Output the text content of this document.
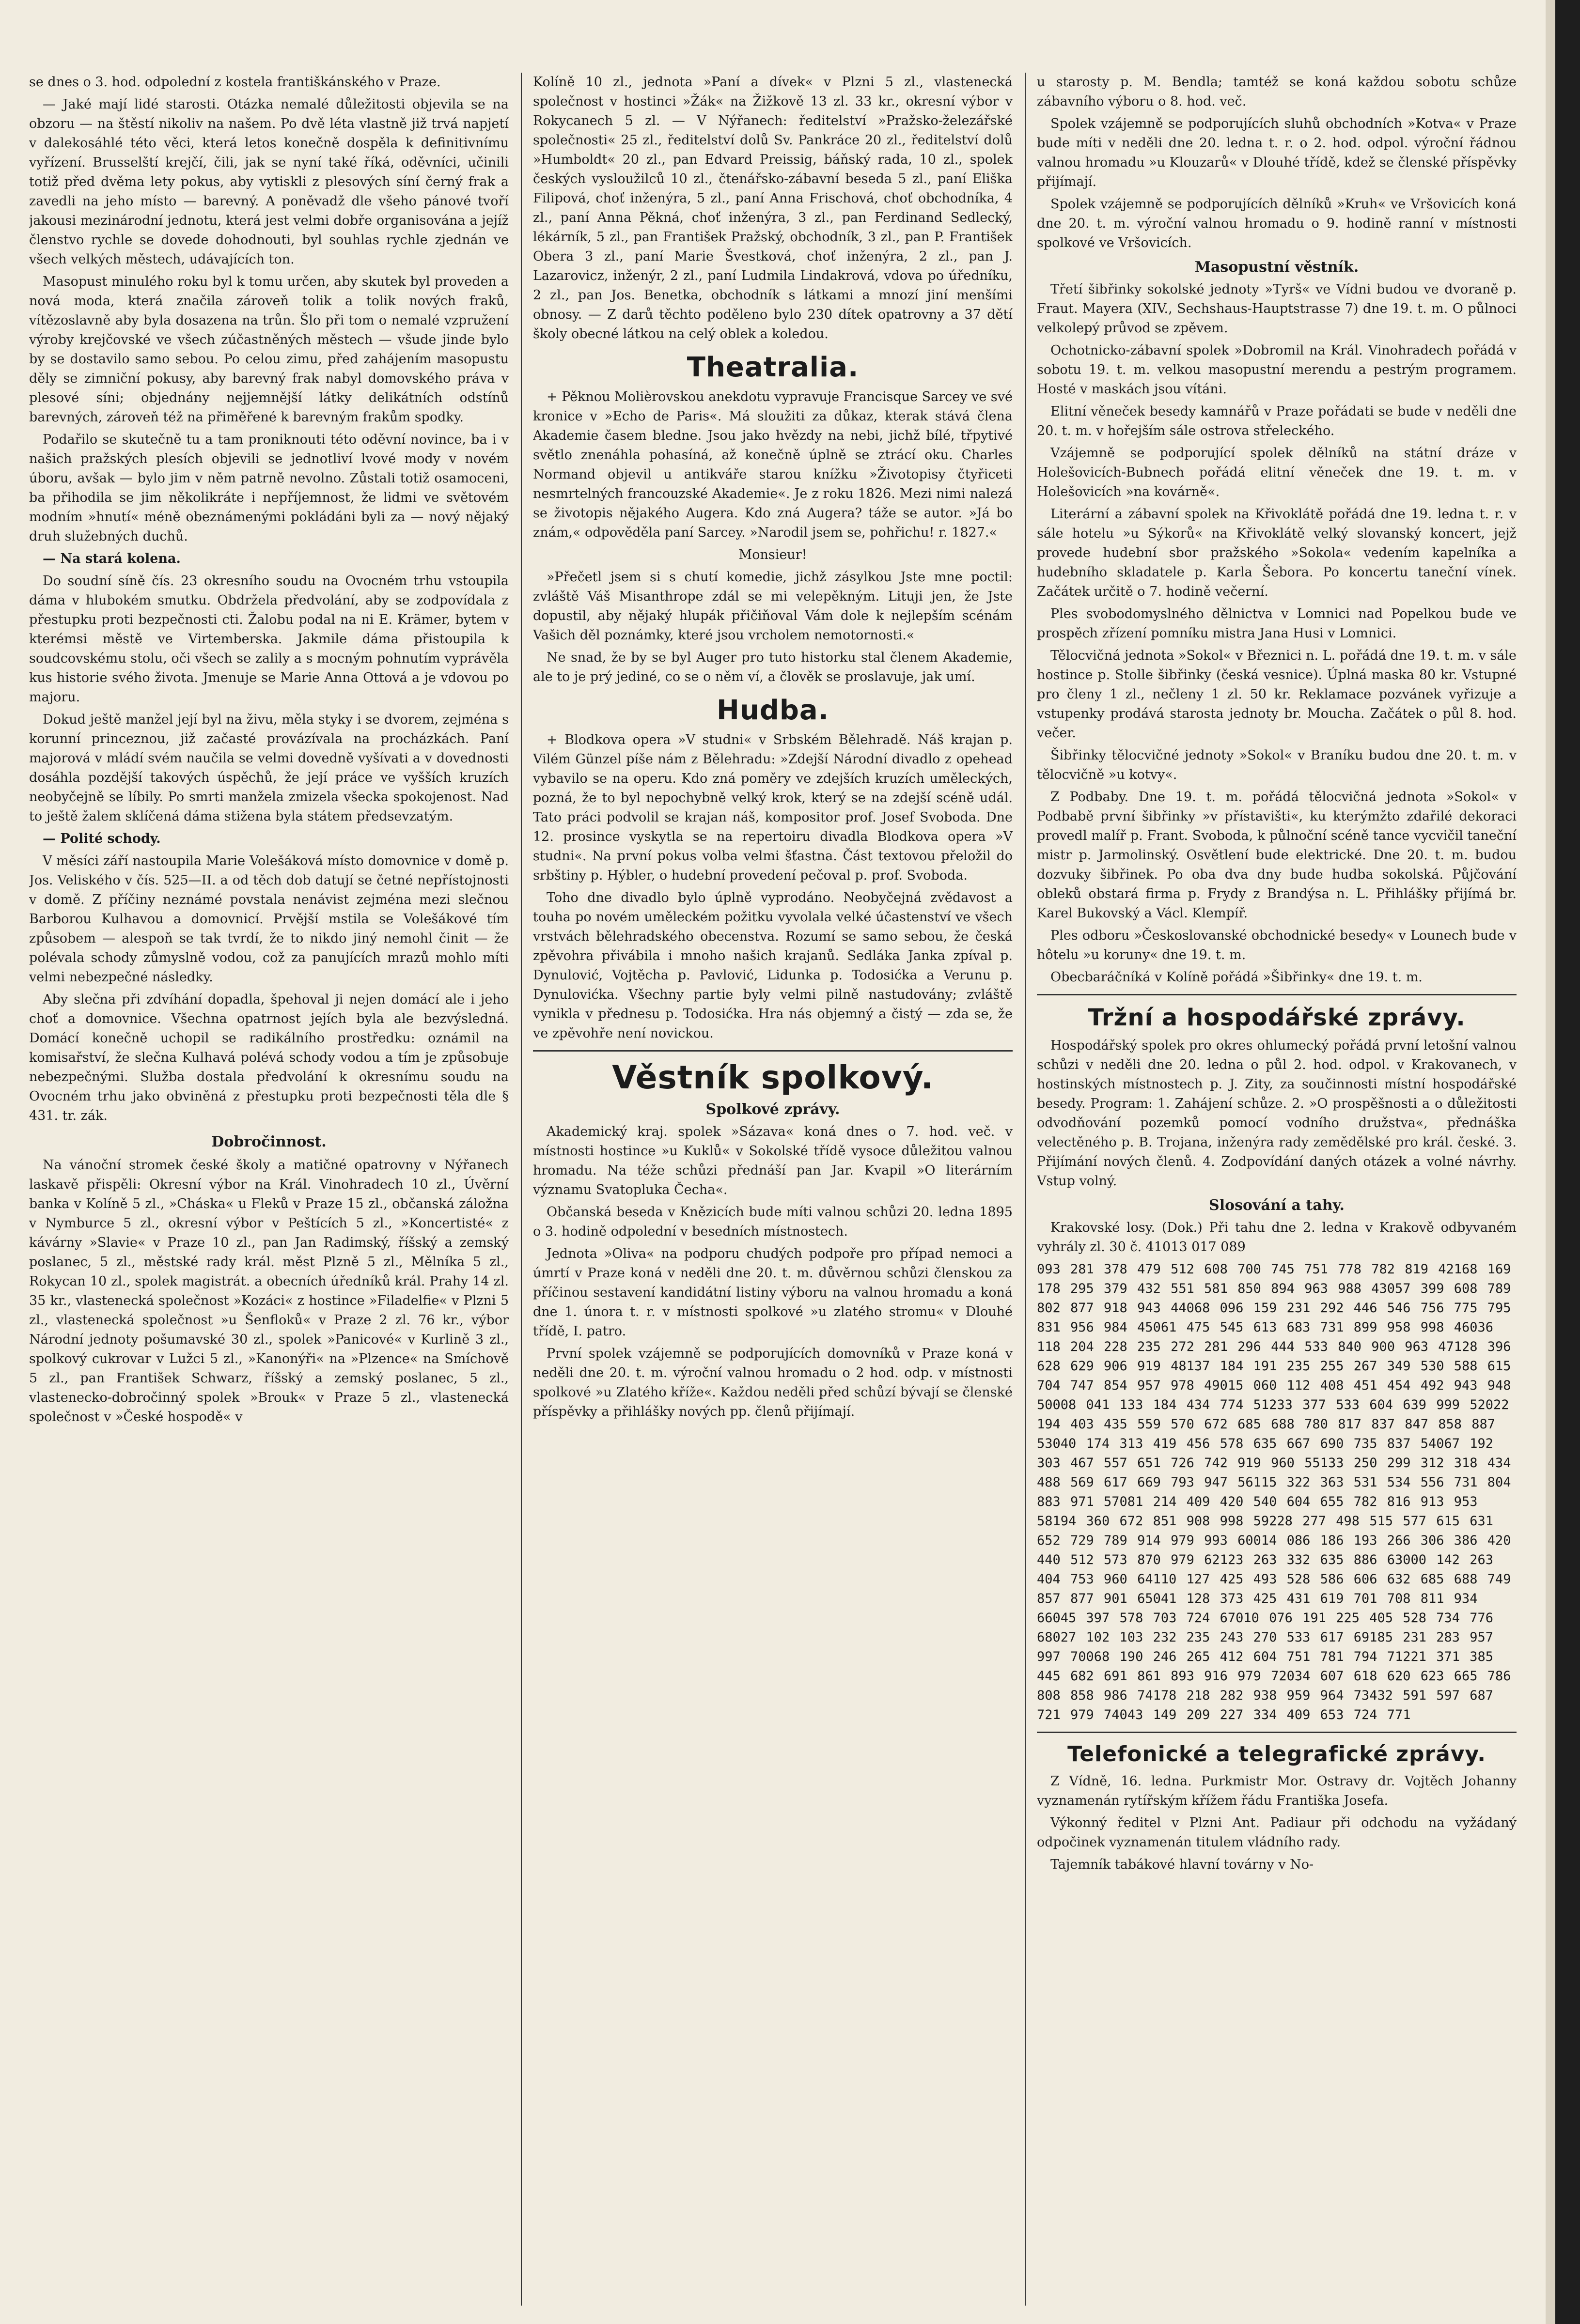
se dnes o 3. hod. odpolední z kostela františkánského v Praze.

— Jaké mají lidé starosti. Otázka nemalé důležitosti objevila se na obzoru — na štěstí nikoliv na našem. Po dvě léta vlastně již trvá napjetí v dalekosáhlé této věci, která letos konečně dospěla k definitivnímu vyřízení. Brusselští krejčí, čili, jak se nyní také říká, oděvníci, učinili totiž před dvěma lety pokus, aby vytiskli z plesových síní černý frak a zavedli na jeho místo — barevný. A poněvadž dle všeho pánové tvoří jakousi mezinárodní jednotu, která jest velmi dobře organisována a jejíž členstvo rychle se dovede dohodnouti, byl souhlas rychle zjednán ve všech velkých městech, udávajících ton.

Masopust minulého roku byl k tomu určen, aby skutek byl proveden a nová moda, která značila zároveň tolik a tolik nových fraků, vítězoslavně aby byla dosazena na trůn. Šlo při tom o nemalé vzpružení výroby krejčovské ve všech zúčastněných městech — všude jinde bylo by se dostavilo samo sebou. Po celou zimu, před zahájením masopustu děly se zimniční pokusy, aby barevný frak nabyl domovského práva v plesové síni; objednány nejjemnější látky delikátních odstínů barevných, zároveň též na přiměřené k barevným frakům spodky.

Podařilo se skutečně tu a tam proniknouti této oděvní novince, ba i v našich pražských plesích objevili se jednotliví lvové mody v novém úboru, avšak — bylo jim v něm patrně nevolno. Zůstali totiž osamoceni, ba přihodila se jim několikráte i nepříjemnost, že lidmi ve světovém modním »hnutí« méně obeznámenými pokládáni byli za — nový nějaký druh služebných duchů.

— Na stará kolena.

Do soudní síně čís. 23 okresního soudu na Ovocném trhu vstoupila dáma v hlubokém smutku. Obdržela předvolání, aby se zodpovídala z přestupku proti bezpečnosti cti. Žalobu podal na ni E. Krämer, bytem v kterémsi městě ve Virtemberska. Jakmile dáma přistoupila k soudcovskému stolu, oči všech se zalily a s mocným pohnutím vyprávěla kus historie svého života. Jmenuje se Marie Anna Ottová a je vdovou po majoru.

Dokud ještě manžel její byl na živu, měla styky i se dvorem, zejména s korunní princeznou, již začasté provázívala na procházkách. Paní majorová v mládí svém naučila se velmi dovedně vyšívati a v dovednosti dosáhla pozdější takových úspěchů, že její práce ve vyšších kruzích neobyčejně se líbily. Po smrti manžela zmizela všecka spokojenost. Nad to ještě žalem sklíčená dáma stižena byla státem předsevzatým.

— Polité schody.

V měsíci září nastoupila Marie Volešáková místo domovnice v domě p. Jos. Veliského v čís. 525—II. a od těch dob datují se četné nepřístojnosti v domě. Z příčiny neznámé povstala nenávist zejména mezi slečnou Barborou Kulhavou a domovnicí. Prvější mstila se Volešákové tím způsobem — alespoň se tak tvrdí, že to nikdo jiný nemohl činit — že polévala schody zůmyslně vodou, což za panujících mrazů mohlo míti velmi nebezpečné následky.

Aby slečna při zdvíhání dopadla, špehoval ji nejen domácí ale i jeho choť a domovnice. Všechna opatrnost jejích byla ale bezvýsledná. Domácí konečně uchopil se radikálního prostředku: oznámil na komisařství, že slečna Kulhavá polévá schody vodou a tím je způsobuje nebezpečnými. Služba dostala předvolání k okresnímu soudu na Ovocném trhu jako obviněná z přestupku proti bezpečnosti těla dle § 431. tr. zák.

Dobročinnost.

Na vánoční stromek české školy a matičné opatrovny v Nýřanech laskavě přispěli: Okresní výbor na Král. Vinohradech 10 zl., Úvěrní banka v Kolíně 5 zl., »Cháska« u Fleků v Praze 15 zl., občanská záložna v Nymburce 5 zl., okresní výbor v Peštících 5 zl., »Koncertisté« z kávárny »Slavie« v Praze 10 zl., pan Jan Radimský, říšský a zemský poslanec, 5 zl., městské rady král. měst Plzně 5 zl., Mělníka 5 zl., Rokycan 10 zl., spolek magistrát. a obecních úředníků král. Prahy 14 zl. 35 kr., vlastenecká společnost »Kozáci« z hostince »Filadelfie« v Plzni 5 zl., vlastenecká společnost »u Šenfloků« v Praze 2 zl. 76 kr., výbor Národní jednoty pošumavské 30 zl., spolek »Panicové« v Kurlině 3 zl., spolkový cukrovar v Lužci 5 zl., »Kanonýři« na »Plzence« na Smíchově 5 zl., pan František Schwarz, říšský a zemský poslanec, 5 zl., vlastenecko-dobročinný spolek »Brouk« v Praze 5 zl., vlastenecká společnost v »České hospodě« v

Kolíně 10 zl., jednota »Paní a dívek« v Plzni 5 zl., vlastenecká společnost v hostinci »Žák« na Žižkově 13 zl. 33 kr., okresní výbor v Rokycanech 5 zl. — V Nýřanech: ředitelství »Pražsko-železářské společnosti« 25 zl., ředitelství dolů Sv. Pankráce 20 zl., ředitelství dolů »Humboldt« 20 zl., pan Edvard Preissig, báňský rada, 10 zl., spolek českých vysloužilců 10 zl., čtenářsko-zábavní beseda 5 zl., paní Eliška Filipová, choť inženýra, 5 zl., paní Anna Frischová, choť obchodníka, 4 zl., paní Anna Pěkná, choť inženýra, 3 zl., pan Ferdinand Sedlecký, lékárník, 5 zl., pan František Pražský, obchodník, 3 zl., pan P. František Obera 3 zl., paní Marie Švestková, choť inženýra, 2 zl., pan J. Lazarovicz, inženýr, 2 zl., paní Ludmila Lindakrová, vdova po úředníku, 2 zl., pan Jos. Benetka, obchodník s látkami a mnozí jiní menšími obnosy. — Z darů těchto poděleno bylo 230 dítek opatrovny a 37 dětí školy obecné látkou na celý oblek a koledou.

Theatralia.

+ Pěknou Molièrovskou anekdotu vypravuje Francisque Sarcey ve své kronice v »Echo de Paris«. Má sloužiti za důkaz, kterak stává člena Akademie časem bledne. Jsou jako hvězdy na nebi, jichž bílé, třpytivé světlo znenáhla pohasíná, až konečně úplně se ztrácí oku. Charles Normand objevil u antikváře starou knížku »Životopisy čtyřiceti nesmrtelných francouzské Akademie«. Je z roku 1826. Mezi nimi nalezá se životopis nějakého Augera. Kdo zná Augera? táže se autor. »Já bo znám,« odpověděla paní Sarcey. »Narodil jsem se, pohřichu! r. 1827.«

Monsieur!

»Přečetl jsem si s chutí komedie, jichž zásylkou Jste mne poctil: zvláště Váš Misanthrope zdál se mi velepěkným. Lituji jen, že Jste dopustil, aby nějaký hlupák přičiňoval Vám dole k nejlepším scénám Vašich děl poznámky, které jsou vrcholem nemotornosti.«

Ne snad, že by se byl Auger pro tuto historku stal členem Akademie, ale to je prý jediné, co se o něm ví, a člověk se proslavuje, jak umí.

Hudba.

+ Blodkova opera »V studni« v Srbském Bělehradě. Náš krajan p. Vilém Günzel píše nám z Bělehradu: »Zdejší Národní divadlo z opehead vybavilo se na operu. Kdo zná poměry ve zdejších kruzích uměleckých, pozná, že to byl nepochybně velký krok, který se na zdejší scéně udál. Tato práci podvolil se krajan náš, kompositor prof. Josef Svoboda. Dne 12. prosince vyskytla se na repertoiru divadla Blodkova opera »V studni«. Na první pokus volba velmi šťastna. Část textovou přeložil do srbštiny p. Hýbler, o hudební provedení pečoval p. prof. Svoboda.

Toho dne divadlo bylo úplně vyprodáno. Neobyčejná zvědavost a touha po novém uměleckém požitku vyvolala velké účastenství ve všech vrstvách bělehradského obecenstva. Rozumí se samo sebou, že česká zpěvohra přivábila i mnoho našich krajanů. Sedláka Janka zpíval p. Dynulović, Vojtěcha p. Pavlović, Lidunka p. Todosićka a Verunu p. Dynulovićka. Všechny partie byly velmi pilně nastudovány; zvláště vynikla v přednesu p. Todosićka. Hra nás objemný a čistý — zda se, že ve zpěvohře není novickou.

Věstník spolkový.
Spolkové zprávy.

Akademický kraj. spolek »Sázava« koná dnes o 7. hod. več. v místnosti hostince »u Kuklů« v Sokolské třídě vysoce důležitou valnou hromadu. Na téže schůzi přednáší pan Jar. Kvapil »O literárním významu Svatopluka Čecha«.

Občanská beseda v Knězicích bude míti valnou schůzi 20. ledna 1895 o 3. hodině odpolední v besedních místnostech.

Jednota »Oliva« na podporu chudých podpoře pro případ nemoci a úmrtí v Praze koná v neděli dne 20. t. m. důvěrnou schůzi členskou za příčinou sestavení kandidátní listiny výboru na valnou hromadu a koná dne 1. února t. r. v místnosti spolkové »u zlatého stromu« v Dlouhé třídě, I. patro.

První spolek vzájemně se podporujících domovníků v Praze koná v neděli dne 20. t. m. výroční valnou hromadu o 2 hod. odp. v místnosti spolkové »u Zlatého kříže«. Každou neděli před schůzí bývají se členské příspěvky a přihlášky nových pp. členů přijímají.

u starosty p. M. Bendla; tamtéž se koná každou sobotu schůze zábavního výboru o 8. hod. več.

Spolek vzájemně se podporujících sluhů obchodních »Kotva« v Praze bude míti v neděli dne 20. ledna t. r. o 2. hod. odpol. výroční řádnou valnou hromadu »u Klouzarů« v Dlouhé třídě, kdež se členské příspěvky přijímají.

Spolek vzájemně se podporujících dělníků »Kruh« ve Vršovicích koná dne 20. t. m. výroční valnou hromadu o 9. hodině ranní v místnosti spolkové ve Vršovicích.

Masopustní věstník.

Třetí šibřinky sokolské jednoty »Tyrš« ve Vídni budou ve dvoraně p. Fraut. Mayera (XIV., Sechshaus-Hauptstrasse 7) dne 19. t. m. O půlnoci velkolepý průvod se zpěvem.

Ochotnicko-zábavní spolek »Dobromil na Král. Vinohradech pořádá v sobotu 19. t. m. velkou masopustní merendu a pestrým programem. Hosté v maskách jsou vítáni.

Elitní věneček besedy kamnářů v Praze pořádati se bude v neděli dne 20. t. m. v hořejším sále ostrova střeleckého.

Vzájemně se podporující spolek dělníků na státní dráze v Holešovicích-Bubnech pořádá elitní věneček dne 19. t. m. v Holešovicích »na kovárně«.

Literární a zábavní spolek na Křivoklátě pořádá dne 19. ledna t. r. v sále hotelu »u Sýkorů« na Křivoklátě velký slovanský koncert, jejž provede hudební sbor pražského »Sokola« vedením kapelníka a hudebního skladatele p. Karla Šebora. Po koncertu taneční vínek. Začátek určitě o 7. hodině večerní.

Ples svobodomyslného dělnictva v Lomnici nad Popelkou bude ve prospěch zřízení pomníku mistra Jana Husi v Lomnici.

Tělocvičná jednota »Sokol« v Březnici n. L. pořádá dne 19. t. m. v sále hostince p. Stolle šibřinky (česká vesnice). Úplná maska 80 kr. Vstupné pro členy 1 zl., nečleny 1 zl. 50 kr. Reklamace pozvánek vyřizuje a vstupenky prodává starosta jednoty br. Moucha. Začátek o půl 8. hod. večer.

Šibřinky tělocvičné jednoty »Sokol« v Braníku budou dne 20. t. m. v tělocvičně »u kotvy«.

Z Podbaby. Dne 19. t. m. pořádá tělocvičná jednota »Sokol« v Podbabě první šibřinky »v přístavišti«, ku kterýmžto zdařilé dekoraci provedl malíř p. Frant. Svoboda, k půlnoční scéně tance vycvičil taneční mistr p. Jarmolinský. Osvětlení bude elektrické. Dne 20. t. m. budou dozvuky šibřinek. Po oba dva dny bude hudba sokolská. Půjčování obleků obstará firma p. Frydy z Brandýsa n. L. Přihlášky přijímá br. Karel Bukovský a Václ. Klempíř.

Ples odboru »Českoslovanské obchodnické besedy« v Lounech bude v hôtelu »u koruny« dne 19. t. m.

Obecbaráčníká v Kolíně pořádá »Šibřinky« dne 19. t. m.

Tržní a hospodářské zprávy.

Hospodářský spolek pro okres ohlumecký pořádá první letošní valnou schůzi v neděli dne 20. ledna o půl 2. hod. odpol. v Krakovanech, v hostinských místnostech p. J. Zity, za součinnosti místní hospodářské besedy. Program: 1. Zahájení schůze. 2. »O prospěšnosti a o důležitosti odvodňování pozemků pomocí vodního družstva«, přednáška velectěného p. B. Trojana, inženýra rady zemědělské pro král. české. 3. Přijímání nových členů. 4. Zodpovídání daných otázek a volné návrhy. Vstup volný.

Slosování a tahy.

Krakovské losy. (Dok.) Při tahu dne 2. ledna v Krakově odbyvaném vyhrály zl. 30 č. 41013 017 089

093 281 378 479 512 608 700 745 751 778 782 819 42168 169 178 295 379 432 551 581 850 894 963 988 43057 399 608 789 802 877 918 943 44068 096 159 231 292 446 546 756 775 795 831 956 984 45061 475 545 613 683 731 899 958 998 46036 118 204 228 235 272 281 296 444 533 840 900 963 47128 396 628 629 906 919 48137 184 191 235 255 267 349 530 588 615 704 747 854 957 978 49015 060 112 408 451 454 492 943 948 50008 041 133 184 434 774 51233 377 533 604 639 999 52022 194 403 435 559 570 672 685 688 780 817 837 847 858 887 53040 174 313 419 456 578 635 667 690 735 837 54067 192 303 467 557 651 726 742 919 960 55133 250 299 312 318 434 488 569 617 669 793 947 56115 322 363 531 534 556 731 804 883 971 57081 214 409 420 540 604 655 782 816 913 953 58194 360 672 851 908 998 59228 277 498 515 577 615 631 652 729 789 914 979 993 60014 086 186 193 266 306 386 420 440 512 573 870 979 62123 263 332 635 886 63000 142 263 404 753 960 64110 127 425 493 528 586 606 632 685 688 749 857 877 901 65041 128 373 425 431 619 701 708 811 934 66045 397 578 703 724 67010 076 191 225 405 528 734 776 68027 102 103 232 235 243 270 533 617 69185 231 283 957 997 70068 190 246 265 412 604 751 781 794 71221 371 385 445 682 691 861 893 916 979 72034 607 618 620 623 665 786 808 858 986 74178 218 282 938 959 964 73432 591 597 687 721 979 74043 149 209 227 334 409 653 724 771

Telefonické a telegrafické zprávy.

Z Vídně, 16. ledna. Purkmistr Mor. Ostravy dr. Vojtěch Johanny vyznamenán rytířským křížem řádu Františka Josefa.

Výkonný ředitel v Plzni Ant. Padiaur při odchodu na vyžádaný odpočinek vyznamenán titulem vládního rady.

Tajemník tabákové hlavní továrny v No-
